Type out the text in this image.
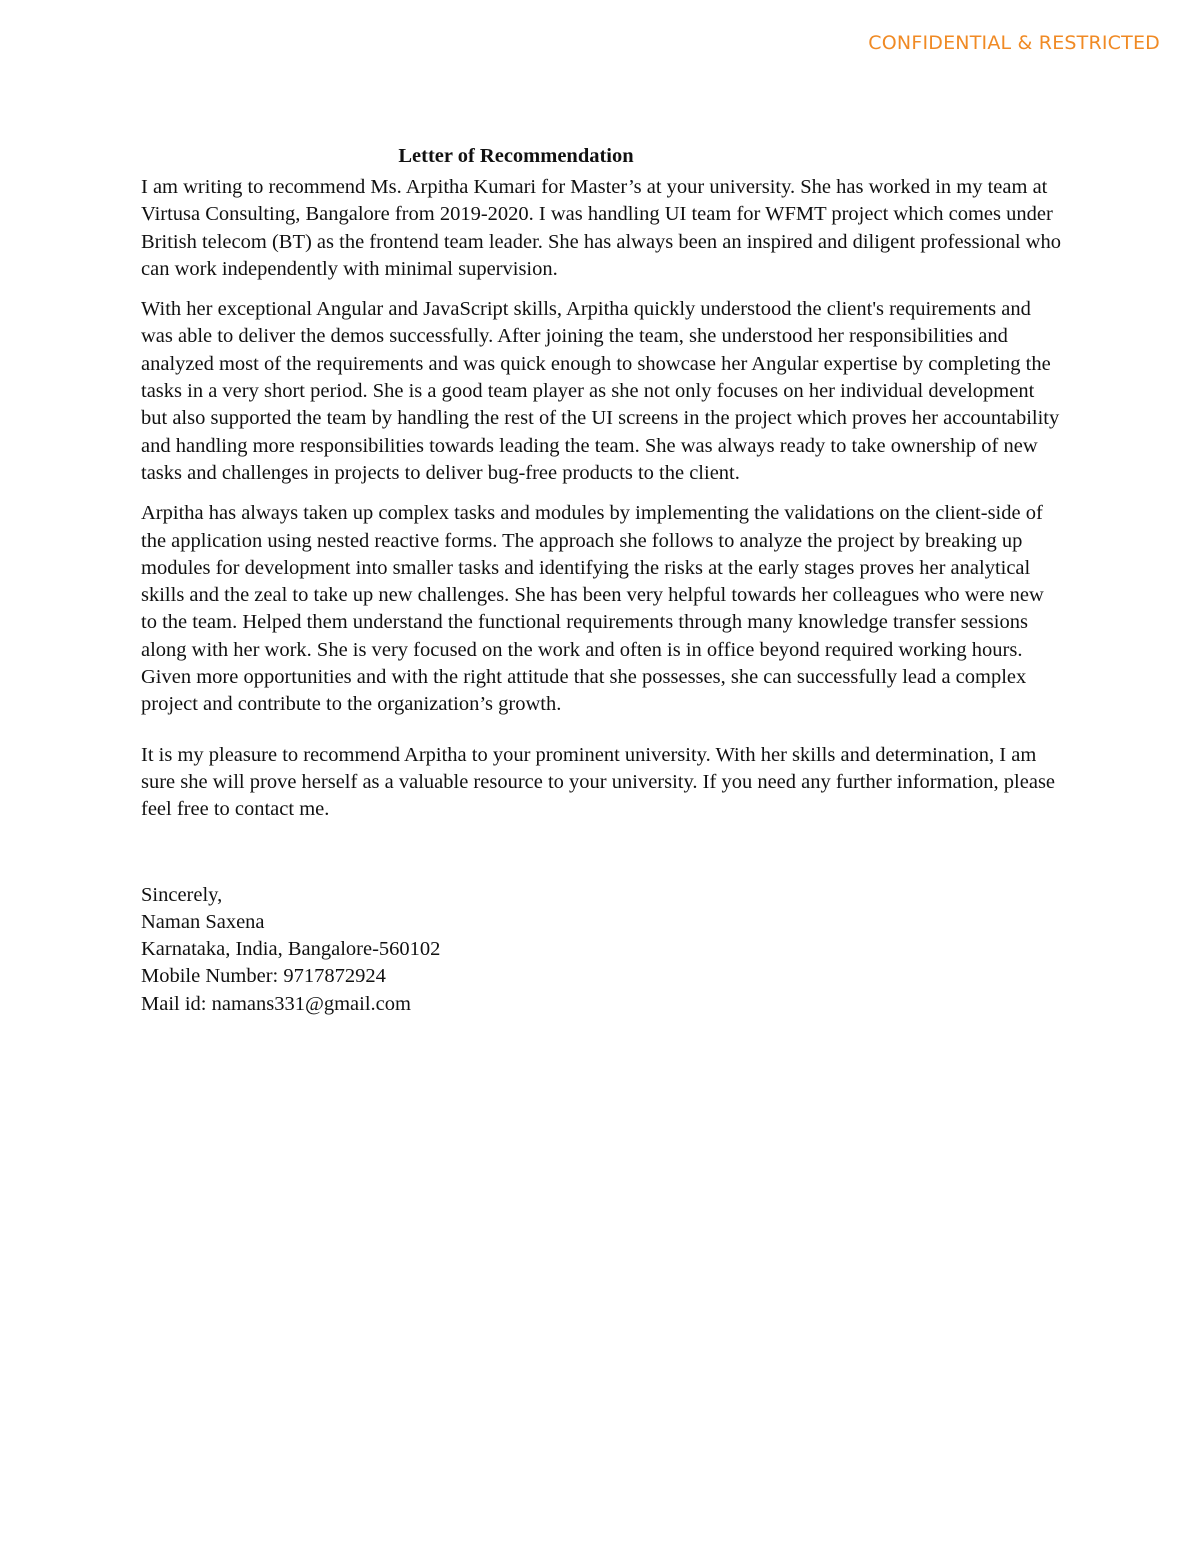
CONFIDENTIAL & RESTRICTED
Letter of Recommendation

I am writing to recommend Ms. Arpitha Kumari for Master’s at your university. She has worked in my team at Virtusa Consulting, Bangalore from 2019-2020. I was handling UI team for WFMT project which comes under British telecom (BT) as the frontend team leader. She has always been an inspired and diligent professional who can work independently with minimal supervision.

With her exceptional Angular and JavaScript skills, Arpitha quickly understood the client's requirements and was able to deliver the demos successfully. After joining the team, she understood her responsibilities and analyzed most of the requirements and was quick enough to showcase her Angular expertise by completing the tasks in a very short period. She is a good team player as she not only focuses on her individual development but also supported the team by handling the rest of the UI screens in the project which proves her accountability and handling more responsibilities towards leading the team. She was always ready to take ownership of new tasks and challenges in projects to deliver bug-free products to the client.

Arpitha has always taken up complex tasks and modules by implementing the validations on the client-side of the application using nested reactive forms. The approach she follows to analyze the project by breaking up modules for development into smaller tasks and identifying the risks at the early stages proves her analytical skills and the zeal to take up new challenges. She has been very helpful towards her colleagues who were new to the team. Helped them understand the functional requirements through many knowledge transfer sessions along with her work. She is very focused on the work and often is in office beyond required working hours. Given more opportunities and with the right attitude that she possesses, she can successfully lead a complex project and contribute to the organization’s growth.

It is my pleasure to recommend Arpitha to your prominent university. With her skills and determination, I am sure she will prove herself as a valuable resource to your university. If you need any further information, please feel free to contact me.

Sincerely,
Naman Saxena
Karnataka, India, Bangalore-560102
Mobile Number: 9717872924
Mail id: namans331@gmail.com
